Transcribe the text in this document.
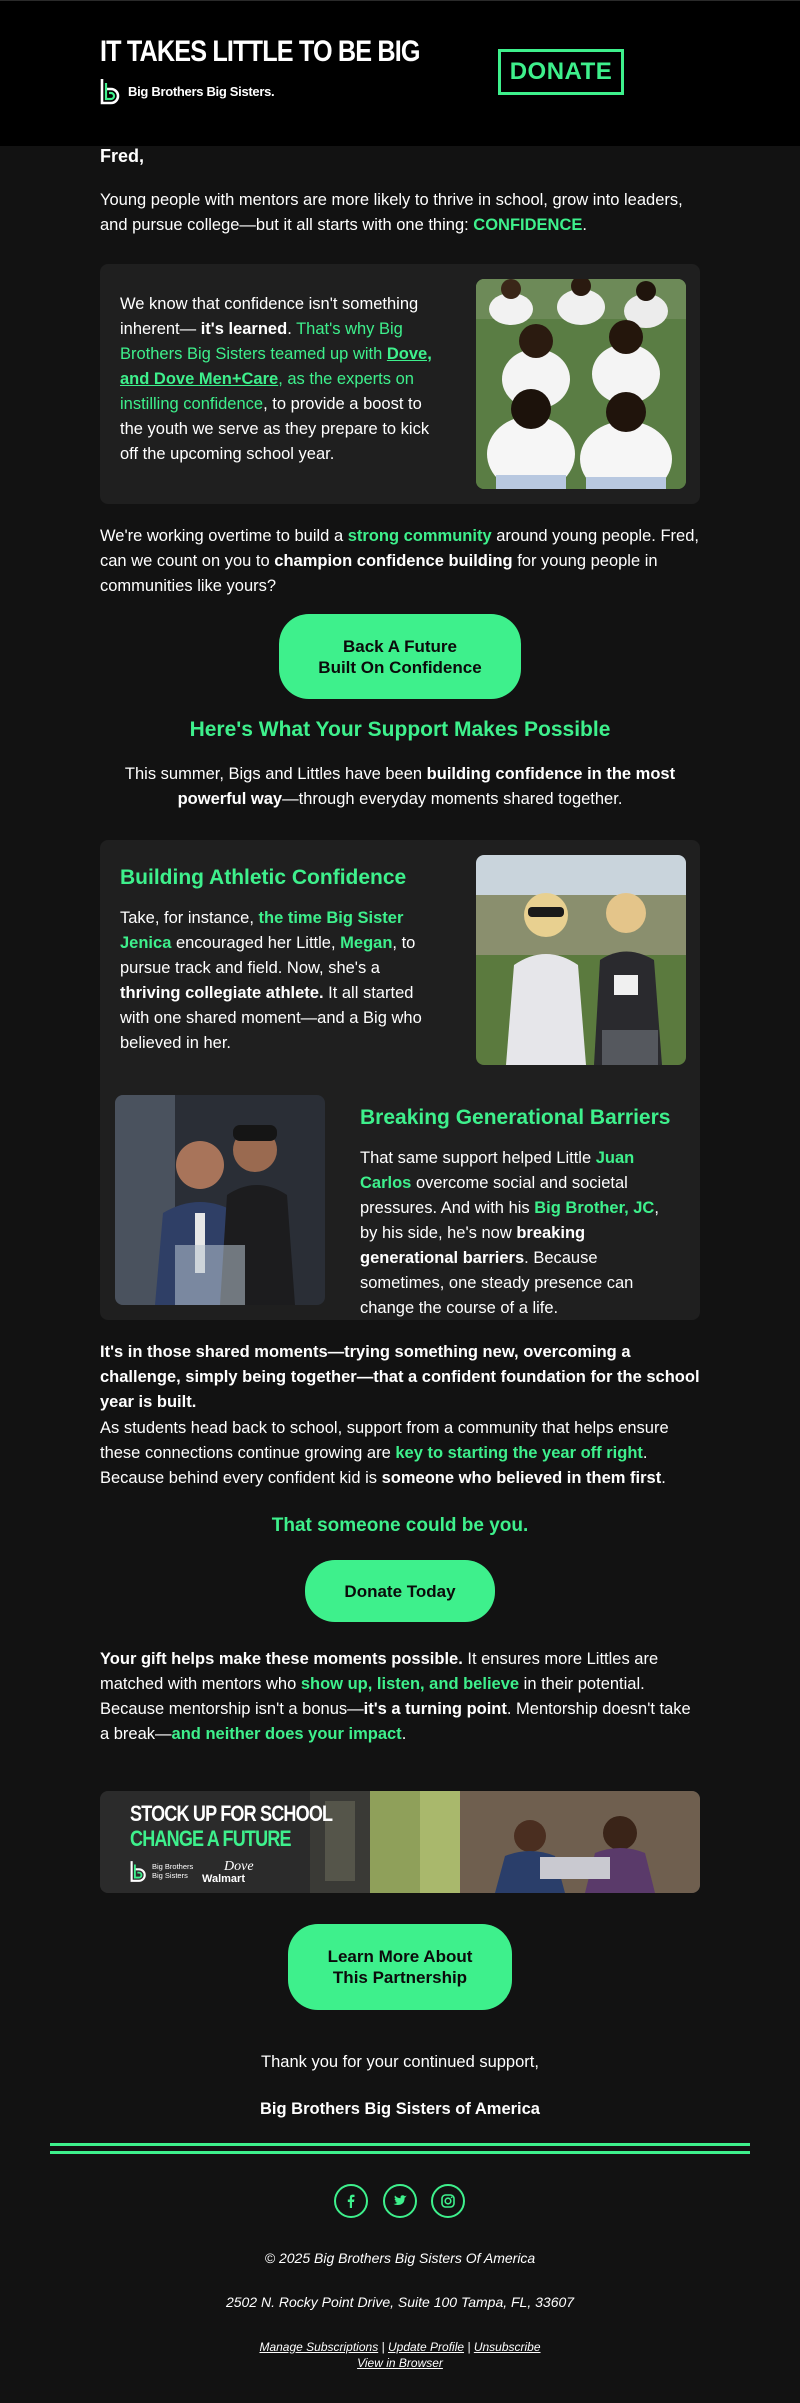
IT TAKES LITTLE TO BE BIG
Big Brothers Big Sisters.
DONATE
Fred,
Young people with mentors are more likely to thrive in school, grow into leaders, and pursue college—but it all starts with one thing: CONFIDENCE.
We know that confidence isn't something inherent— it's learned. That's why Big Brothers Big Sisters teamed up with Dove, and Dove Men+Care, as the experts on instilling confidence, to provide a boost to the youth we serve as they prepare to kick off the upcoming school year.
We're working overtime to build a strong community around young people. Fred, can we count on you to champion confidence building for young people in communities like yours?
Back A Future
Built On Confidence
Here's What Your Support Makes Possible
This summer, Bigs and Littles have been building confidence in the most powerful way—through everyday moments shared together.
Building Athletic Confidence
Take, for instance, the time Big Sister Jenica encouraged her Little, Megan, to pursue track and field. Now, she's a thriving collegiate athlete. It all started with one shared moment—and a Big who believed in her.
Breaking Generational Barriers
That same support helped Little Juan Carlos overcome social and societal pressures. And with his Big Brother, JC, by his side, he's now breaking generational barriers. Because sometimes, one steady presence can change the course of a life.
It's in those shared moments—trying something new, overcoming a challenge, simply being together—that a confident foundation for the school year is built.
As students head back to school, support from a community that helps ensure these connections continue growing are key to starting the year off right. Because behind every confident kid is someone who believed in them first.
That someone could be you.
Donate Today
Your gift helps make these moments possible. It ensures more Littles are matched with mentors who show up, listen, and believe in their potential. Because mentorship isn't a bonus—it's a turning point. Mentorship doesn't take a break—and neither does your impact.
STOCK UP FOR SCHOOL
CHANGE A FUTURE
Big Brothers Big Sisters
Dove
Walmart
Learn More About
This Partnership
Thank you for your continued support,
Big Brothers Big Sisters of America
© 2025 Big Brothers Big Sisters Of America
2502 N. Rocky Point Drive, Suite 100 Tampa, FL, 33607
Manage Subscriptions | Update Profile | Unsubscribe
View in Browser
